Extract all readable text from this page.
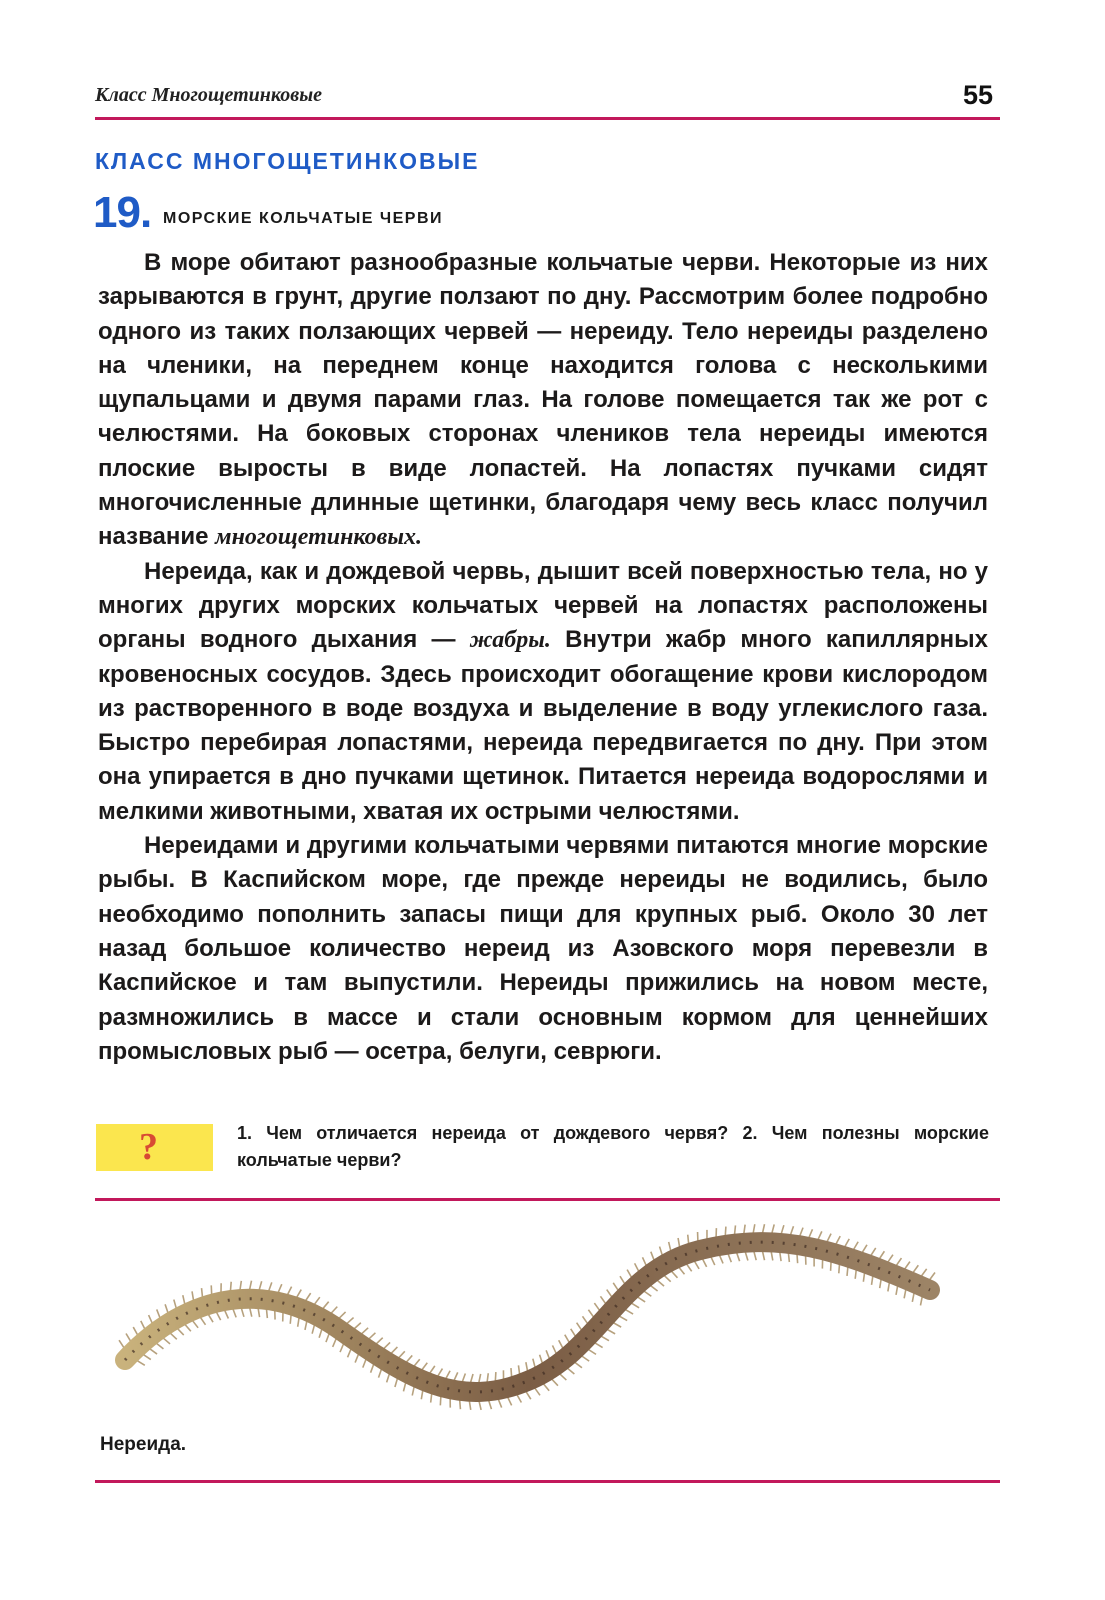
Класс Многощетинковые	55
КЛАСС МНОГОЩЕТИНКОВЫЕ
19. МОРСКИЕ КОЛЬЧАТЫЕ ЧЕРВИ

В море обитают разнообразные кольчатые черви. Некоторые из них зарываются в грунт, другие ползают по дну. Рассмотрим более подробно одного из таких ползающих червей — нереиду. Тело нереиды разделено на членики, на переднем конце находится голова с несколькими щупальцами и двумя парами глаз. На голове помещается так же рот с челюстями. На боковых сторонах члеников тела нереиды имеются плоские выросты в виде лопастей. На лопастях пучками сидят многочисленные длинные щетинки, благодаря чему весь класс получил название многощетинковых.

Нереида, как и дождевой червь, дышит всей поверхностью тела, но у многих других морских кольчатых червей на лопастях расположены органы водного дыхания — жабры. Внутри жабр много капиллярных кровеносных сосудов. Здесь происходит обогащение крови кислородом из растворенного в воде воздуха и выделение в воду углекислого газа. Быстро перебирая лопастями, нереида передвигается по дну. При этом она упирается в дно пучками щетинок. Питается нереида водорослями и мелкими животными, хватая их острыми челюстями.

Нереидами и другими кольчатыми червями питаются многие морские рыбы. В Каспийском море, где прежде нереиды не водились, было необходимо пополнить запасы пищи для крупных рыб. Около 30 лет назад большое количество нереид из Азовского моря перевезли в Каспийское и там выпустили. Нереиды прижились на новом месте, размножились в массе и стали основным кормом для ценнейших промысловых рыб — осетра, белуги, севрюги.

?	1. Чем отличается нерeида от дождевого червя? 2. Чем полезны морские кольчатые черви?
Нереида.
